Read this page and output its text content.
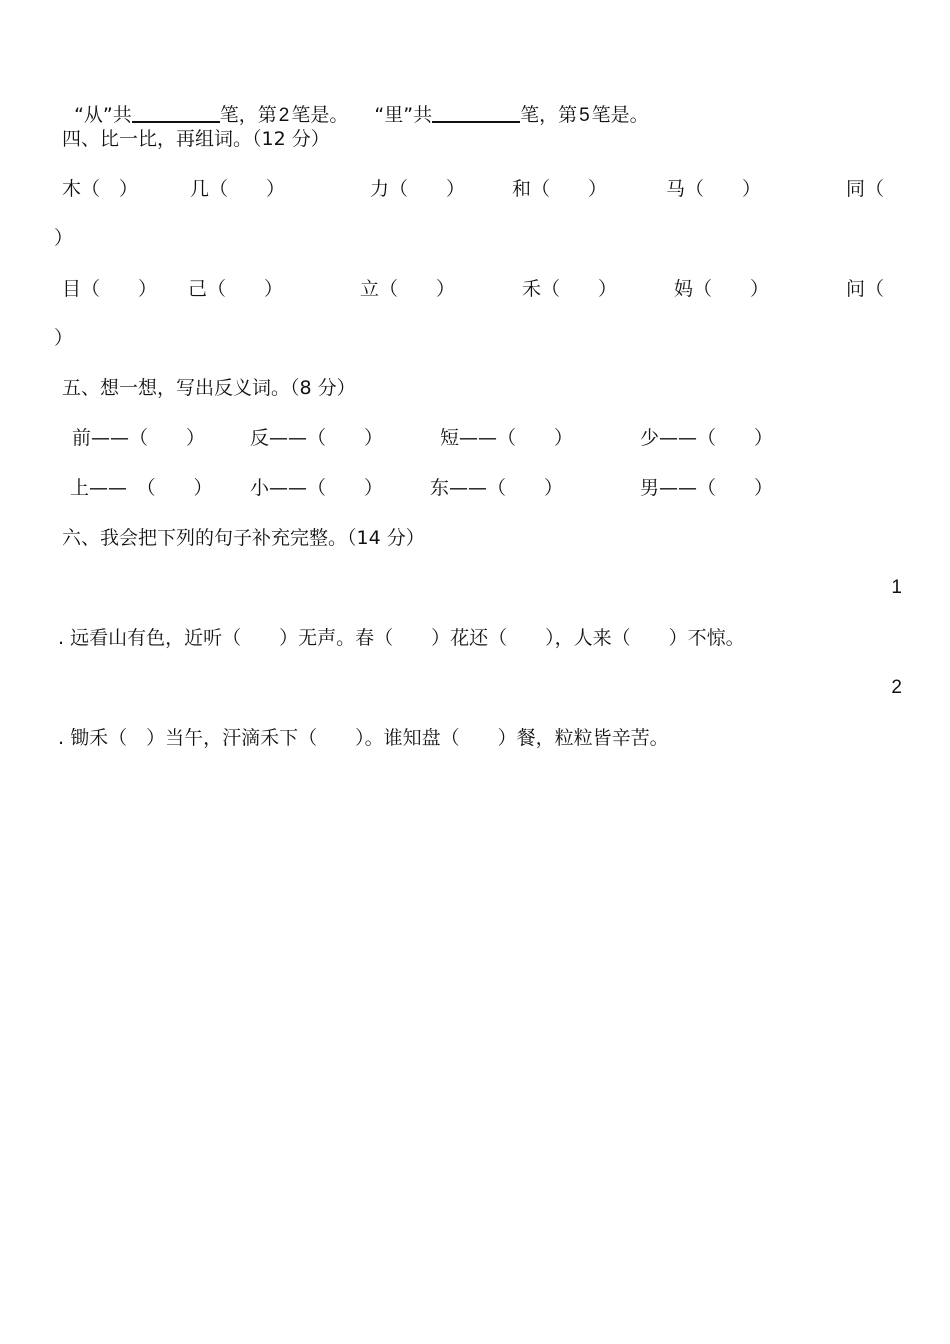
“从”共	笔，第 2 笔是。 “里”共	笔，第 5 笔是。

四、比一比，再组词。（12 分）
木（　）	几（　　）	力（　　） 和（　　）	马（　　）	同（
）
目（　　） 己（　　）	立（　　）	禾（　　）	妈（　　）	问（
）
五、想一想，写出反义词。（8 分）
前——（　　） 反——（　　）	短——（　　）	少——（　　）
上——　（　　） 小——（　　） 东——（　　）	男——（　　）
六、我会把下列的句子补充完整。（14 分）
1
. 远看山有色，近听（　　）无声。春（　　）花还（　　），人来（　　）不惊。
2
. 锄禾（　）当午，汗滴禾下（　　）。谁知盘（　　）餐，粒粒皆辛苦。
